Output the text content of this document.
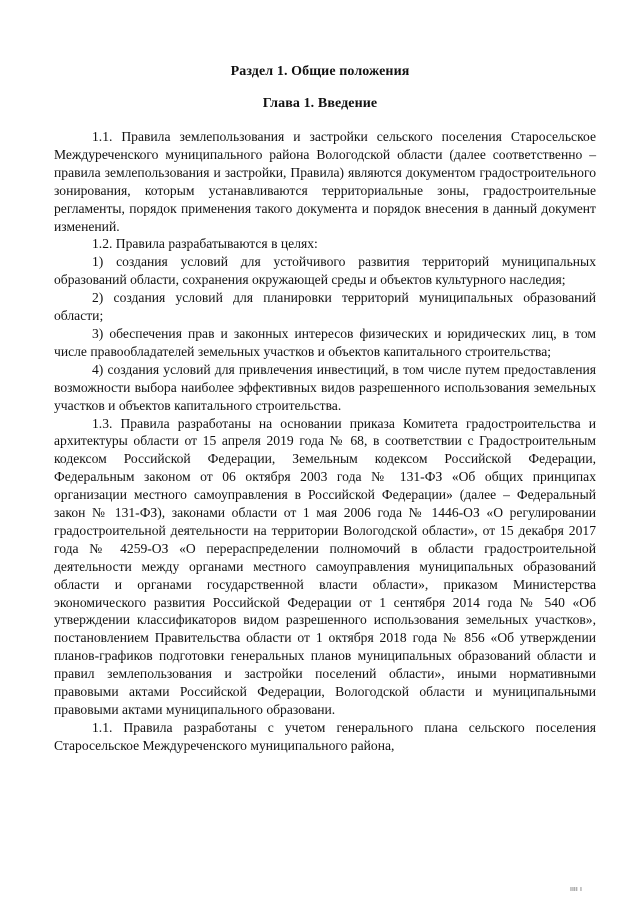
Раздел 1. Общие положения
Глава 1. Введение

1.1. Правила землепользования и застройки сельского поселения Старосельское Междуреченского муниципального района Вологодской области (далее соответственно – правила землепользования и застройки, Правила) являются документом градостроительного зонирования, которым устанавливаются территориальные зоны, градостроительные регламенты, порядок применения такого документа и порядок внесения в данный документ изменений.

1.2. Правила разрабатываются в целях:

1) создания условий для устойчивого развития территорий муниципальных образований области, сохранения окружающей среды и объектов культурного наследия;

2) создания условий для планировки территорий муниципальных образований области;

3) обеспечения прав и законных интересов физических и юридических лиц, в том числе правообладателей земельных участков и объектов капитального строительства;

4) создания условий для привлечения инвестиций, в том числе путем предоставления возможности выбора наиболее эффективных видов разрешенного использования земельных участков и объектов капитального строительства.

1.3. Правила разработаны на основании приказа Комитета градостроительства и архитектуры области от 15 апреля 2019 года № 68, в соответствии с Градостроительным кодексом Российской Федерации, Земельным кодексом Российской Федерации, Федеральным законом от 06 октября 2003 года № 131-ФЗ «Об общих принципах организации местного самоуправления в Российской Федерации» (далее – Федеральный закон № 131-ФЗ), законами области от 1 мая 2006 года № 1446-ОЗ «О регулировании градостроительной деятельности на территории Вологодской области», от 15 декабря 2017 года № 4259-ОЗ «О перераспределении полномочий в области градостроительной деятельности между органами местного самоуправления муниципальных образований области и органами государственной власти области», приказом Министерства экономического развития Российской Федерации от 1 сентября 2014 года № 540 «Об утверждении классификаторов видом разрешенного использования земельных участков», постановлением Правительства области от 1 октября 2018 года № 856 «Об утверждении планов-графиков подготовки генеральных планов муниципальных образований области и правил землепользования и застройки поселений области», иными нормативными правовыми актами Российской Федерации, Вологодской области и муниципальными правовыми актами муниципального образовани.

1.1. Правила разработаны с учетом генерального плана сельского поселения Старосельское Междуреченского муниципального района,

ıııı ı
